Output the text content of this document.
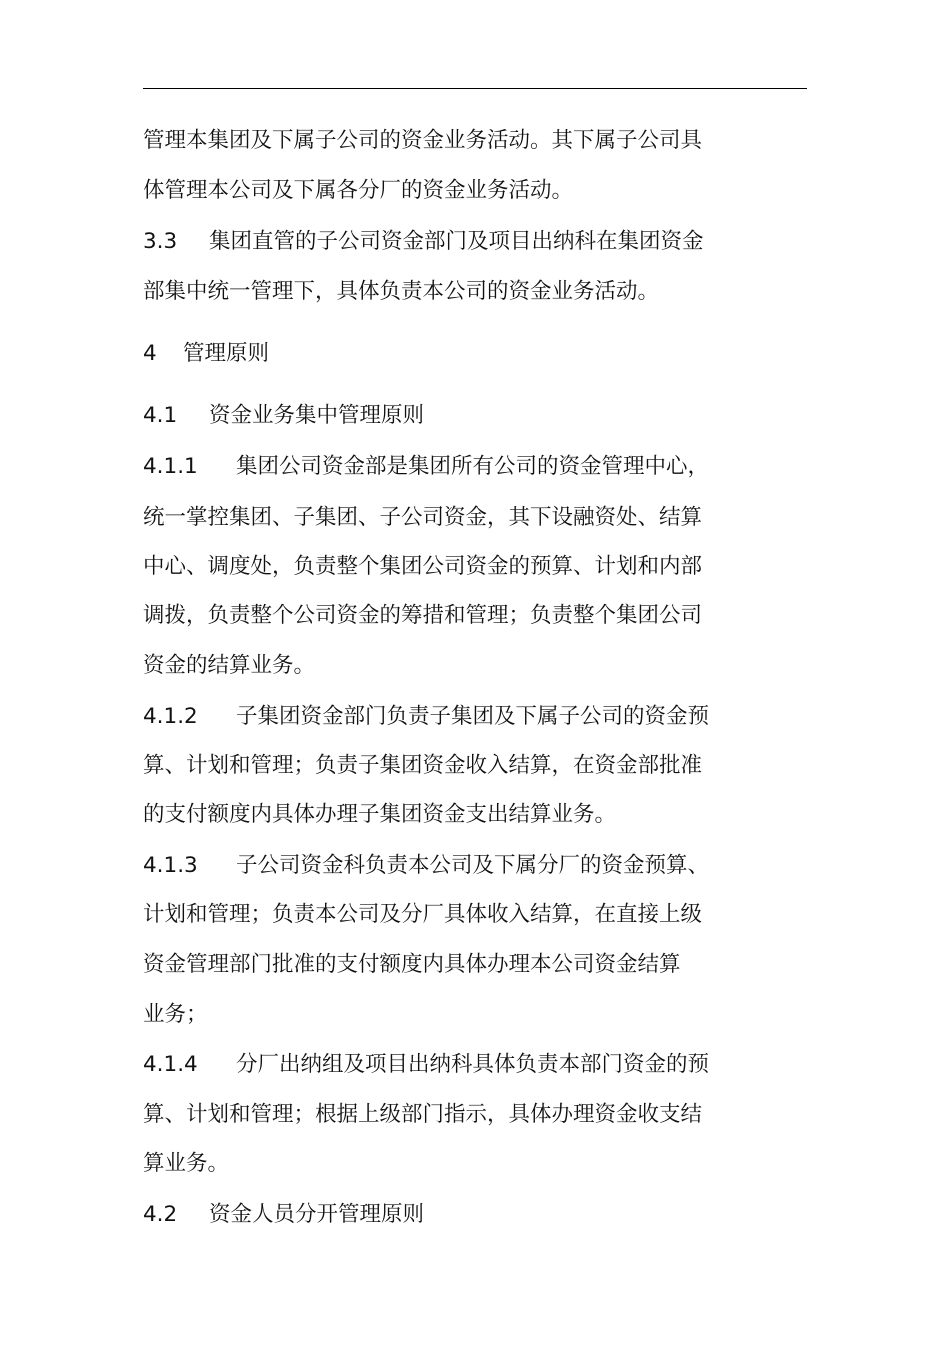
管理本集团及下属子公司的资金业务活动。其下属子公司具
体管理本公司及下属各分厂的资金业务活动。
3.3 集团直管的子公司资金部门及项目出纳科在集团资金
部集中统一管理下，具体负责本公司的资金业务活动。
4 管理原则
4.1 资金业务集中管理原则
4.1.1 集团公司资金部是集团所有公司的资金管理中心，
统一掌控集团、子集团、子公司资金，其下设融资处、结算
中心、调度处，负责整个集团公司资金的预算、计划和内部
调拨，负责整个公司资金的筹措和管理；负责整个集团公司
资金的结算业务。
4.1.2 子集团资金部门负责子集团及下属子公司的资金预
算、计划和管理；负责子集团资金收入结算，在资金部批准
的支付额度内具体办理子集团资金支出结算业务。
4.1.3 子公司资金科负责本公司及下属分厂的资金预算、
计划和管理；负责本公司及分厂具体收入结算，在直接上级
资金管理部门批准的支付额度内具体办理本公司资金结算
业务；
4.1.4 分厂出纳组及项目出纳科具体负责本部门资金的预
算、计划和管理；根据上级部门指示，具体办理资金收支结
算业务。
4.2 资金人员分开管理原则
